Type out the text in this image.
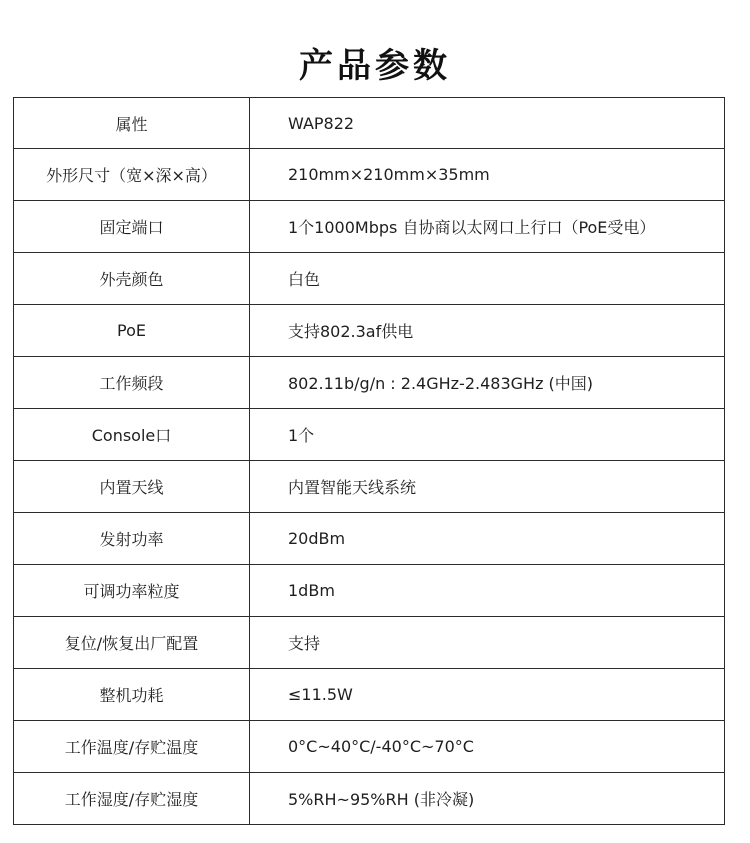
产品参数
属性	WAP822
外形尺寸（宽×深×高）	210mm×210mm×35mm
固定端口	1个1000Mbps 自协商以太网口上行口（PoE受电）
外壳颜色	白色
PoE	支持802.3af供电
工作频段	802.11b/g/n : 2.4GHz-2.483GHz (中国)
Console口	1个
内置天线	内置智能天线系统
发射功率	20dBm
可调功率粒度	1dBm
复位/恢复出厂配置	支持
整机功耗	≤11.5W
工作温度/存贮温度	0°C~40°C/-40°C~70°C
工作湿度/存贮湿度	5%RH~95%RH (非冷凝)
